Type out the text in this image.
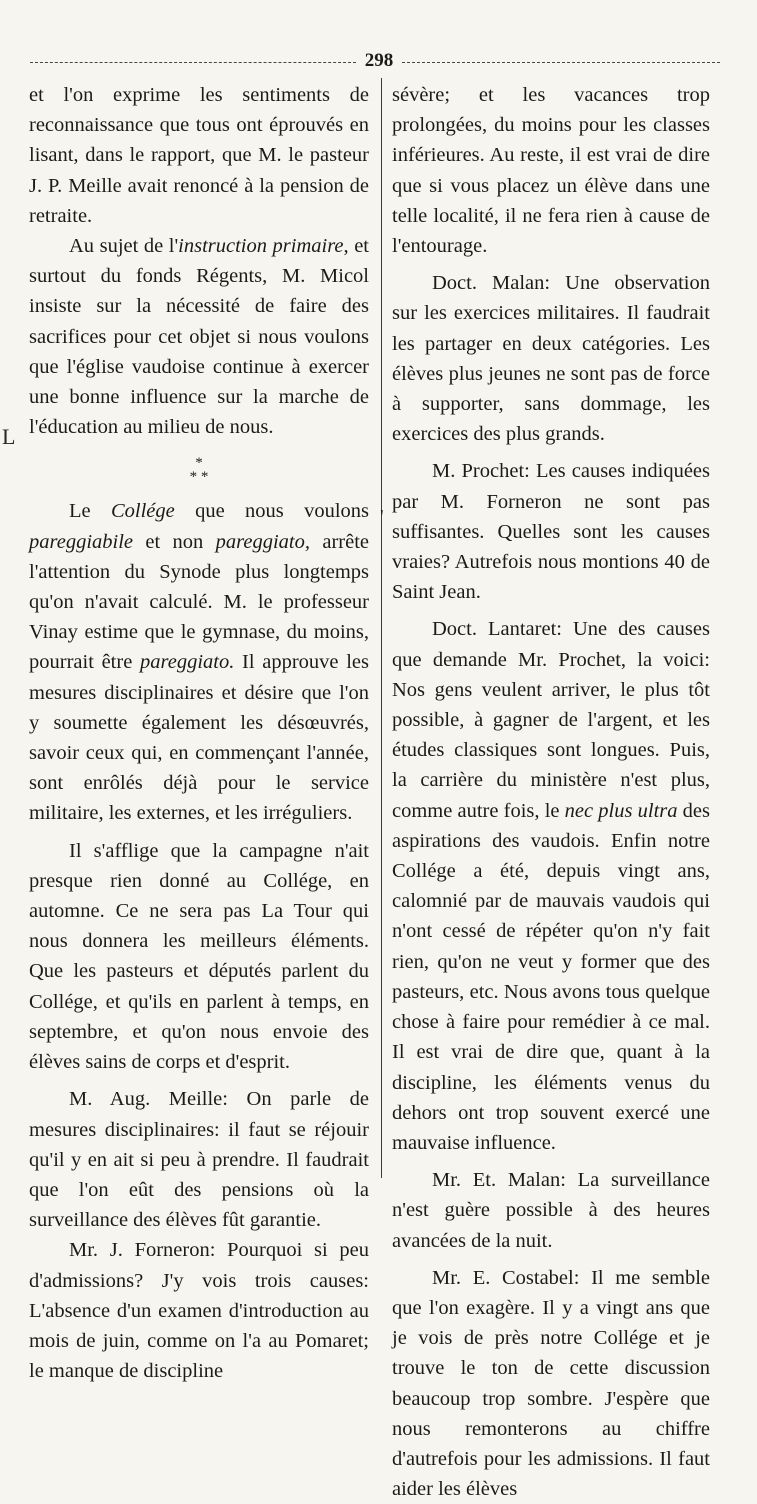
298
L
'

et l'on exprime les sentiments de reconnaissance que tous ont éprouvés en lisant, dans le rapport, que M. le pasteur J. P. Meille avait renoncé à la pension de retraite.

Au sujet de l'instruction primaire, et surtout du fonds Régents, M. Micol insiste sur la nécessité de faire des sacrifices pour cet objet si nous voulons que l'église vaudoise continue à exercer une bonne influence sur la marche de l'éducation au milieu de nous.

*
* *

Le Collége que nous voulons pareggiabile et non pareggiato, arrête l'attention du Synode plus longtemps qu'on n'avait calculé. M. le professeur Vinay estime que le gymnase, du moins, pourrait être pareggiato. Il approuve les mesures disciplinaires et désire que l'on y soumette également les désœuvrés, savoir ceux qui, en commençant l'année, sont enrôlés déjà pour le service militaire, les externes, et les irréguliers.

Il s'afflige que la campagne n'ait presque rien donné au Collége, en automne. Ce ne sera pas La Tour qui nous donnera les meilleurs éléments. Que les pasteurs et députés parlent du Collége, et qu'ils en parlent à temps, en septembre, et qu'on nous envoie des élèves sains de corps et d'esprit.

M. Aug. Meille: On parle de mesures disciplinaires: il faut se réjouir qu'il y en ait si peu à prendre. Il faudrait que l'on eût des pensions où la surveillance des élèves fût garantie.

Mr. J. Forneron: Pourquoi si peu d'admissions? J'y vois trois causes: L'absence d'un examen d'introduction au mois de juin, comme on l'a au Pomaret; le manque de discipline

sévère; et les vacances trop prolongées, du moins pour les classes inférieures. Au reste, il est vrai de dire que si vous placez un élève dans une telle localité, il ne fera rien à cause de l'entourage.

Doct. Malan: Une observation sur les exercices militaires. Il faudrait les partager en deux catégories. Les élèves plus jeunes ne sont pas de force à supporter, sans dommage, les exercices des plus grands.

M. Prochet: Les causes indiquées par M. Forneron ne sont pas suffisantes. Quelles sont les causes vraies? Autrefois nous montions 40 de Saint Jean.

Doct. Lantaret: Une des causes que demande Mr. Prochet, la voici: Nos gens veulent arriver, le plus tôt possible, à gagner de l'argent, et les études classiques sont longues. Puis, la carrière du ministère n'est plus, comme autre fois, le nec plus ultra des aspirations des vaudois. Enfin notre Collége a été, depuis vingt ans, calomnié par de mauvais vaudois qui n'ont cessé de répéter qu'on n'y fait rien, qu'on ne veut y former que des pasteurs, etc. Nous avons tous quelque chose à faire pour remédier à ce mal. Il est vrai de dire que, quant à la discipline, les éléments venus du dehors ont trop souvent exercé une mauvaise influence.

Mr. Et. Malan: La surveillance n'est guère possible à des heures avancées de la nuit.

Mr. E. Costabel: Il me semble que l'on exagère. Il y a vingt ans que je vois de près notre Collége et je trouve le ton de cette discussion beaucoup trop sombre. J'espère que nous remonterons au chiffre d'autrefois pour les admissions. Il faut aider les élèves
